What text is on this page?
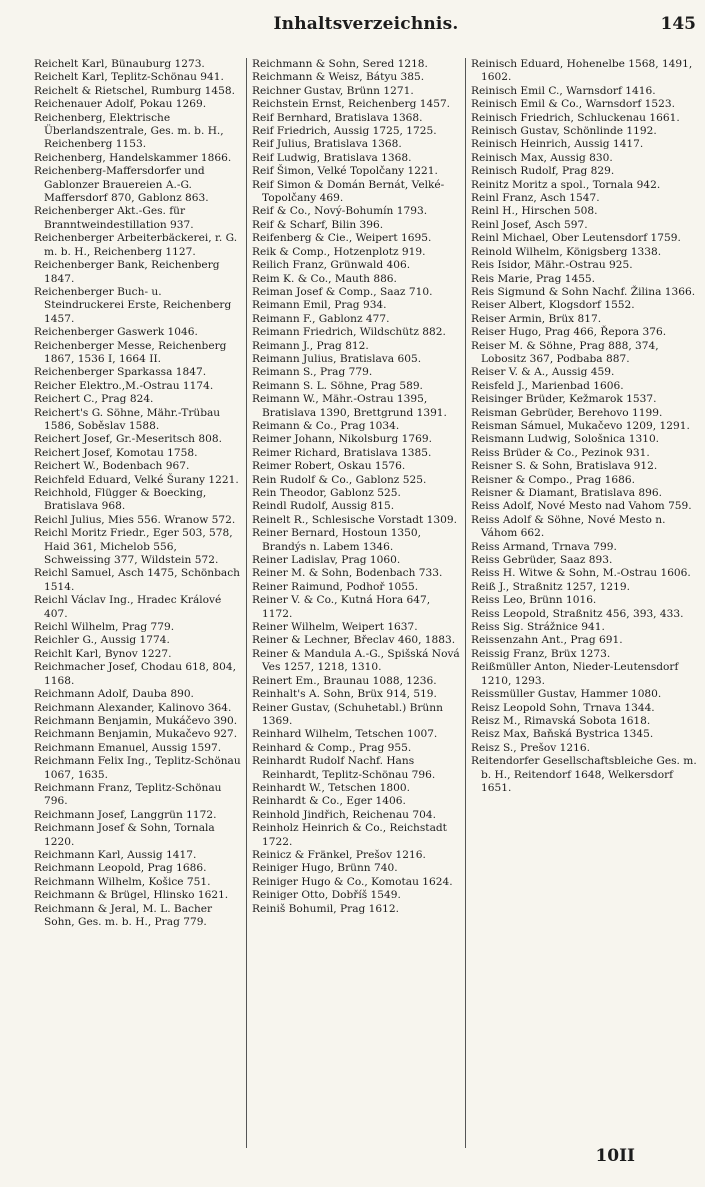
Inhaltsverzeichnis.	145
Reichelt Karl, Bünauburg 1273.
Reichelt Karl, Teplitz-Schönau 941.
Reichelt & Rietschel, Rumburg 1458.
Reichenauer Adolf, Pokau 1269.
Reichenberg, Elektrische Überlandszentrale, Ges. m. b. H., Reichenberg 1153.
Reichenberg, Handelskammer 1866.
Reichenberg-Maffersdorfer und Gablonzer Brauereien A.-G. Maffersdorf 870, Gablonz 863.
Reichenberger Akt.-Ges. für Branntweindestillation 937.
Reichenberger Arbeiterbäckerei, r. G. m. b. H., Reichenberg 1127.
Reichenberger Bank, Reichenberg 1847.
Reichenberger Buch- u. Steindruckerei Erste, Reichenberg 1457.
Reichenberger Gaswerk 1046.
Reichenberger Messe, Reichenberg 1867, 1536 I, 1664 II.
Reichenberger Sparkassa 1847.
Reicher Elektro.,M.-Ostrau 1174.
Reichert C., Prag 824.
Reichert's G. Söhne, Mähr.-Trübau 1586, Soběslav 1588.
Reichert Josef, Gr.-Meseritsch 808.
Reichert Josef, Komotau 1758.
Reichert W., Bodenbach 967.
Reichfeld Eduard, Velké Šurany 1221.
Reichhold, Flügger & Boecking, Bratislava 968.
Reichl Julius, Mies 556. Wranow 572.
Reichl Moritz Friedr., Eger 503, 578, Haid 361, Michelob 556, Schweissing 377, Wildstein 572.
Reichl Samuel, Asch 1475, Schönbach 1514.
Reichl Václav Ing., Hradec Králové 407.
Reichl Wilhelm, Prag 779.
Reichler G., Aussig 1774.
Reichlt Karl, Bynov 1227.
Reichmacher Josef, Chodau 618, 804, 1168.
Reichmann Adolf, Dauba 890.
Reichmann Alexander, Kalinovo 364.
Reichmann Benjamin, Mukáčevo 390.
Reichmann Benjamin, Mukačevo 927.
Reichmann Emanuel, Aussig 1597.
Reichmann Felix Ing., Teplitz-Schönau 1067, 1635.
Reichmann Franz, Teplitz-Schönau 796.
Reichmann Josef, Langgrün 1172.
Reichmann Josef & Sohn, Tornala 1220.
Reichmann Karl, Aussig 1417.
Reichmann Leopold, Prag 1686.
Reichmann Wilhelm, Košice 751.
Reichmann & Brügel, Hlinsko 1621.
Reichmann & Jeral, M. L. Bacher Sohn, Ges. m. b. H., Prag 779.
Reichmann & Sohn, Sered 1218.
Reichmann & Weisz, Bátyu 385.
Reichner Gustav, Brünn 1271.
Reichstein Ernst, Reichenberg 1457.
Reif Bernhard, Bratislava 1368.
Reif Friedrich, Aussig 1725, 1725.
Reif Julius, Bratislava 1368.
Reif Ludwig, Bratislava 1368.
Reif Šimon, Velké Topolčany 1221.
Reif Simon & Domán Bernát, Velké-Topolčany 469.
Reif & Co., Nový-Bohumín 1793.
Reif & Scharf, Bilin 396.
Reifenberg & Cie., Weipert 1695.
Reik & Comp., Hotzenplotz 919.
Reilich Franz, Grünwald 406.
Reim K. & Co., Mauth 886.
Reiman Josef & Comp., Saaz 710.
Reimann Emil, Prag 934.
Reimann F., Gablonz 477.
Reimann Friedrich, Wildschütz 882.
Reimann J., Prag 812.
Reimann Julius, Bratislava 605.
Reimann S., Prag 779.
Reimann S. L. Söhne, Prag 589.
Reimann W., Mähr.-Ostrau 1395, Bratislava 1390, Brettgrund 1391.
Reimann & Co., Prag 1034.
Reimer Johann, Nikolsburg 1769.
Reimer Richard, Bratislava 1385.
Reimer Robert, Oskau 1576.
Rein Rudolf & Co., Gablonz 525.
Rein Theodor, Gablonz 525.
Reindl Rudolf, Aussig 815.
Reinelt R., Schlesische Vorstadt 1309.
Reiner Bernard, Hostoun 1350, Brandýs n. Labem 1346.
Reiner Ladislav, Prag 1060.
Reiner M. & Sohn, Bodenbach 733.
Reiner Raimund, Podhoř 1055.
Reiner V. & Co., Kutná Hora 647, 1172.
Reiner Wilhelm, Weipert 1637.
Reiner & Lechner, Břeclav 460, 1883.
Reiner & Mandula A.-G., Spišská Nová Ves 1257, 1218, 1310.
Reinert Em., Braunau 1088, 1236.
Reinhalt's A. Sohn, Brüx 914, 519.
Reiner Gustav, (Schuhetabl.) Brünn 1369.
Reinhard Wilhelm, Tetschen 1007.
Reinhard & Comp., Prag 955.
Reinhardt Rudolf Nachf. Hans Reinhardt, Teplitz-Schönau 796.
Reinhardt W., Tetschen 1800.
Reinhardt & Co., Eger 1406.
Reinhold Jindřich, Reichenau 704.
Reinholz Heinrich & Co., Reichstadt 1722.
Reinicz & Fränkel, Prešov 1216.
Reiniger Hugo, Brünn 740.
Reiniger Hugo & Co., Komotau 1624.
Reiniger Otto, Dobříš 1549.
Reiniš Bohumil, Prag 1612.
Reinisch Eduard, Hohenelbe 1568, 1491, 1602.
Reinisch Emil C., Warnsdorf 1416.
Reinisch Emil & Co., Warnsdorf 1523.
Reinisch Friedrich, Schluckenau 1661.
Reinisch Gustav, Schönlinde 1192.
Reinisch Heinrich, Aussig 1417.
Reinisch Max, Aussig 830.
Reinisch Rudolf, Prag 829.
Reinitz Moritz a spol., Tornala 942.
Reinl Franz, Asch 1547.
Reinl H., Hirschen 508.
Reinl Josef, Asch 597.
Reinl Michael, Ober Leutensdorf 1759.
Reinold Wilhelm, Königsberg 1338.
Reis Isidor, Mähr.-Ostrau 925.
Reis Marie, Prag 1455.
Reis Sigmund & Sohn Nachf. Žilina 1366.
Reiser Albert, Klogsdorf 1552.
Reiser Armin, Brüx 817.
Reiser Hugo, Prag 466, Řepora 376.
Reiser M. & Söhne, Prag 888, 374, Lobositz 367, Podbaba 887.
Reiser V. & A., Aussig 459.
Reisfeld J., Marienbad 1606.
Reisinger Brüder, Kežmarok 1537.
Reisman Gebrüder, Berehovo 1199.
Reisman Sámuel, Mukačevo 1209, 1291.
Reismann Ludwig, Sološnica 1310.
Reiss Brüder & Co., Pezinok 931.
Reisner S. & Sohn, Bratislava 912.
Reisner & Compo., Prag 1686.
Reisner & Diamant, Bratislava 896.
Reiss Adolf, Nové Mesto nad Vahom 759.
Reiss Adolf & Söhne, Nové Mesto n. Váhom 662.
Reiss Armand, Trnava 799.
Reiss Gebrüder, Saaz 893.
Reiss H. Witwe & Sohn, M.-Ostrau 1606.
Reiß J., Straßnitz 1257, 1219.
Reiss Leo, Brünn 1016.
Reiss Leopold, Straßnitz 456, 393, 433.
Reiss Sig. Strážnice 941.
Reissenzahn Ant., Prag 691.
Reissig Franz, Brüx 1273.
Reißmüller Anton, Nieder-Leutensdorf 1210, 1293.
Reissmüller Gustav, Hammer 1080.
Reisz Leopold Sohn, Trnava 1344.
Reisz M., Rimavská Sobota 1618.
Reisz Max, Baňská Bystrica 1345.
Reisz S., Prešov 1216.
Reitendorfer Gesellschaftsbleiche Ges. m. b. H., Reitendorf 1648, Welkersdorf 1651.
10II
